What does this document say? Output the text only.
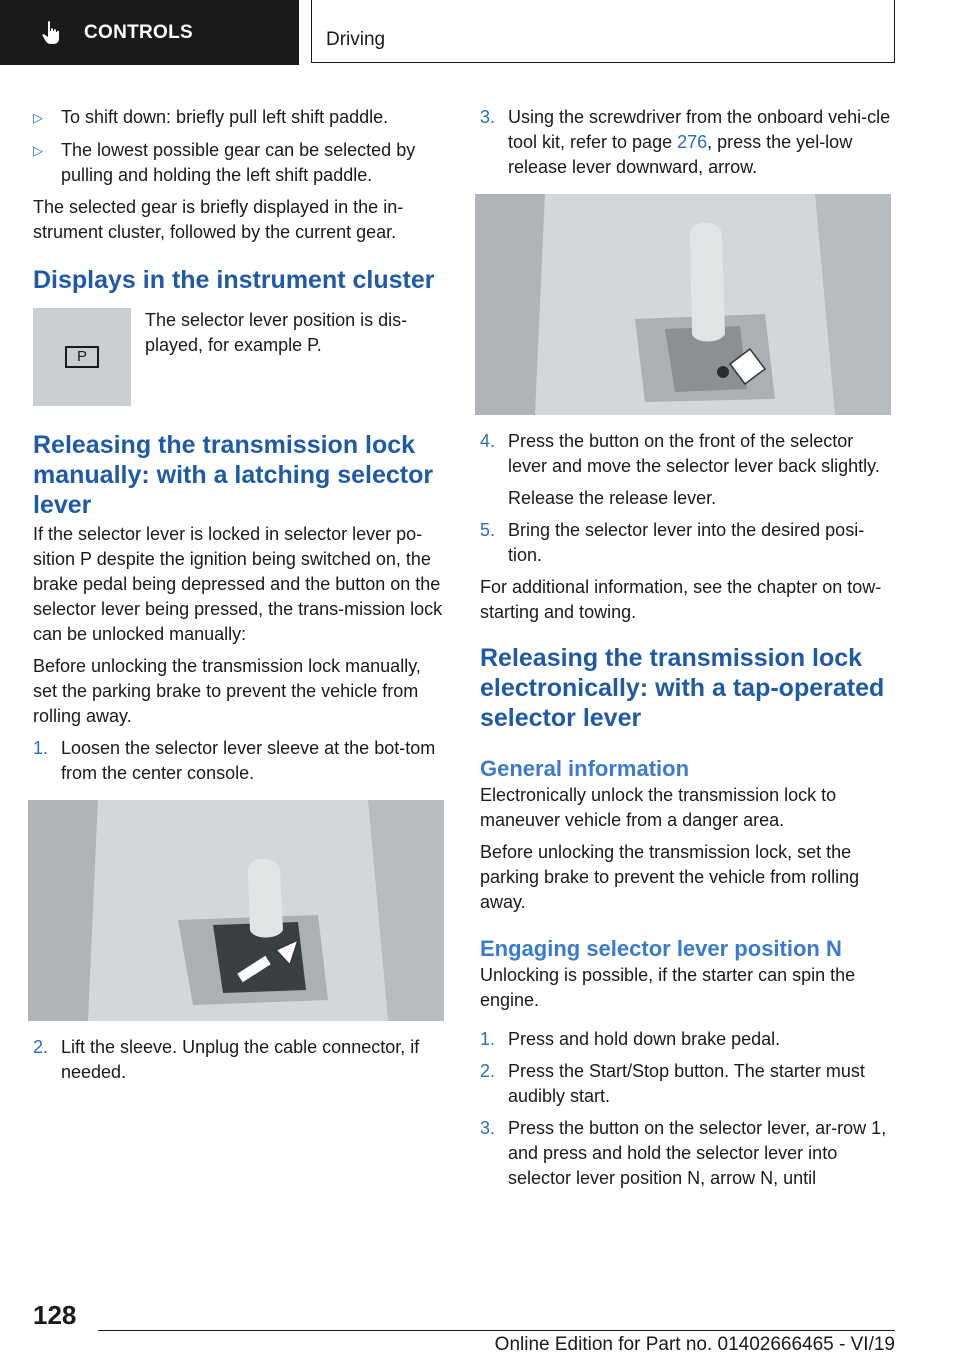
CONTROLS	Driving
▷	To shift down: briefly pull left shift paddle.
▷	The lowest possible gear can be selected by pulling and holding the left shift paddle.

The selected gear is briefly displayed in the in‐strument cluster, followed by the current gear.

Displays in the instrument cluster
P

The selector lever position is dis‐played, for example P.

Releasing the transmission lock manually: with a latching selector lever

If the selector lever is locked in selector lever po‐sition P despite the ignition being switched on, the brake pedal being depressed and the button on the selector lever being pressed, the trans‐mission lock can be unlocked manually:

Before unlocking the transmission lock manually, set the parking brake to prevent the vehicle from rolling away.

1. Loosen the selector lever sleeve at the bot‐tom from the center console.
2. Lift the sleeve. Unplug the cable connector, if needed.
3. Using the screwdriver from the onboard vehi‐cle tool kit, refer to page 276, press the yel‐low release lever downward, arrow.
4. Press the button on the front of the selector lever and move the selector lever back slightly.

Release the release lever.

5. Bring the selector lever into the desired posi‐tion.

For additional information, see the chapter on tow-starting and towing.

Releasing the transmission lock electronically: with a tap-operated selector lever
General information

Electronically unlock the transmission lock to maneuver vehicle from a danger area.

Before unlocking the transmission lock, set the parking brake to prevent the vehicle from rolling away.

Engaging selector lever position N

Unlocking is possible, if the starter can spin the engine.

1. Press and hold down brake pedal.
2. Press the Start/Stop button. The starter must audibly start.
3. Press the button on the selector lever, ar‐row 1, and press and hold the selector lever into selector lever position N, arrow N, until
128
Online Edition for Part no. 01402666465 - VI/19
